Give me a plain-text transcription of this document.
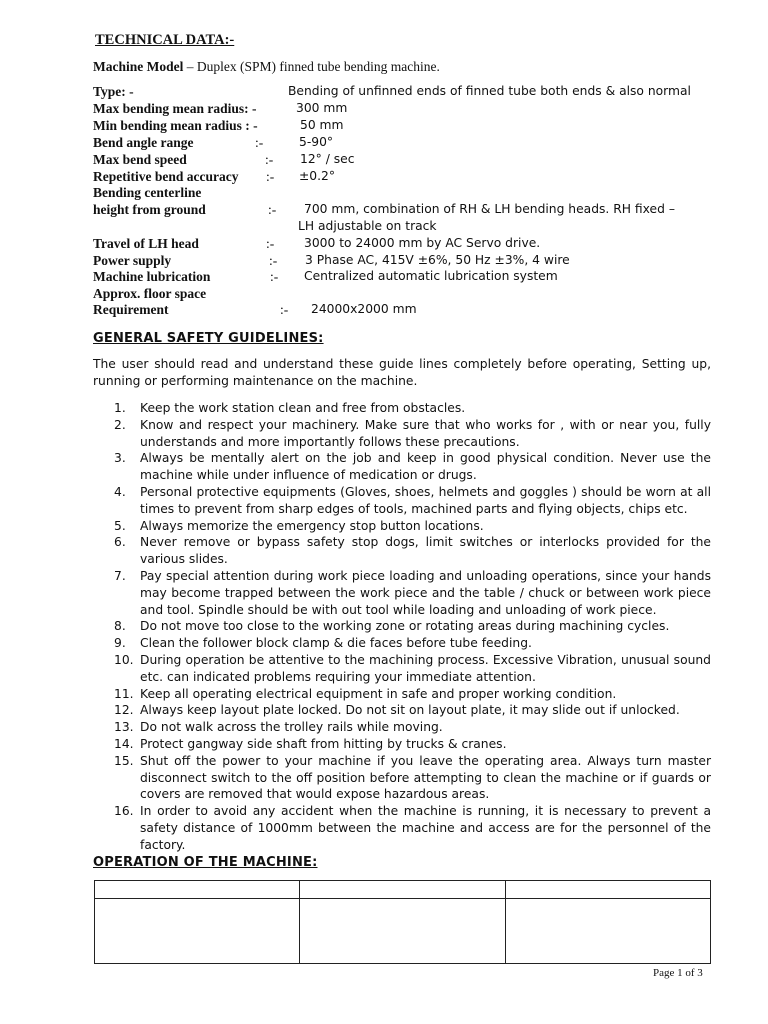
TECHNICAL DATA:-
Machine Model – Duplex (SPM) finned tube bending machine.
Type: -	Bending of unfinned ends of finned tube both ends & also normal
Max bending mean radius: -	300 mm
Min bending mean radius : -	50 mm
Bend angle range	:-	5-90°
Max bend speed	:- 12° / sec
Repetitive bend accuracy :- ±0.2°
Bending centerline
height from ground	:- 700 mm, combination of RH & LH bending heads. RH fixed –
LH adjustable on track
Travel of LH head	:- 3000 to 24000 mm by AC Servo drive.
Power supply	:- 3 Phase AC, 415V ±6%, 50 Hz ±3%, 4 wire
Machine lubrication	:- Centralized automatic lubrication system
Approx. floor space
Requirement	:- 24000x2000 mm
GENERAL SAFETY GUIDELINES:
The user should read and understand these guide lines completely before operating, Setting up, running or performing maintenance on the machine.
1. Keep the work station clean and free from obstacles.
2. Know and respect your machinery. Make sure that who works for , with or near you, fully understands and more importantly follows these precautions.
3. Always be mentally alert on the job and keep in good physical condition. Never use the machine while under influence of medication or drugs.
4. Personal protective equipments (Gloves, shoes, helmets and goggles ) should be worn at all times to prevent from sharp edges of tools, machined parts and flying objects, chips etc.
5. Always memorize the emergency stop button locations.
6. Never remove or bypass safety stop dogs, limit switches or interlocks provided for the various slides.
7. Pay special attention during work piece loading and unloading operations, since your hands may become trapped between the work piece and the table / chuck or between work piece and tool. Spindle should be with out tool while loading and unloading of work piece.
8. Do not move too close to the working zone or rotating areas during machining cycles.
9. Clean the follower block clamp & die faces before tube feeding.
10. During operation be attentive to the machining process. Excessive Vibration, unusual sound etc. can indicated problems requiring your immediate attention.
11. Keep all operating electrical equipment in safe and proper working condition.
12. Always keep layout plate locked. Do not sit on layout plate, it may slide out if unlocked.
13. Do not walk across the trolley rails while moving.
14. Protect gangway side shaft from hitting by trucks & cranes.
15. Shut off the power to your machine if you leave the operating area. Always turn master disconnect switch to the off position before attempting to clean the machine or if guards or covers are removed that would expose hazardous areas.
16. In order to avoid any accident when the machine is running, it is necessary to prevent a safety distance of 1000mm between the machine and access are for the personnel of the factory.
OPERATION OF THE MACHINE:

Page 1 of 3
